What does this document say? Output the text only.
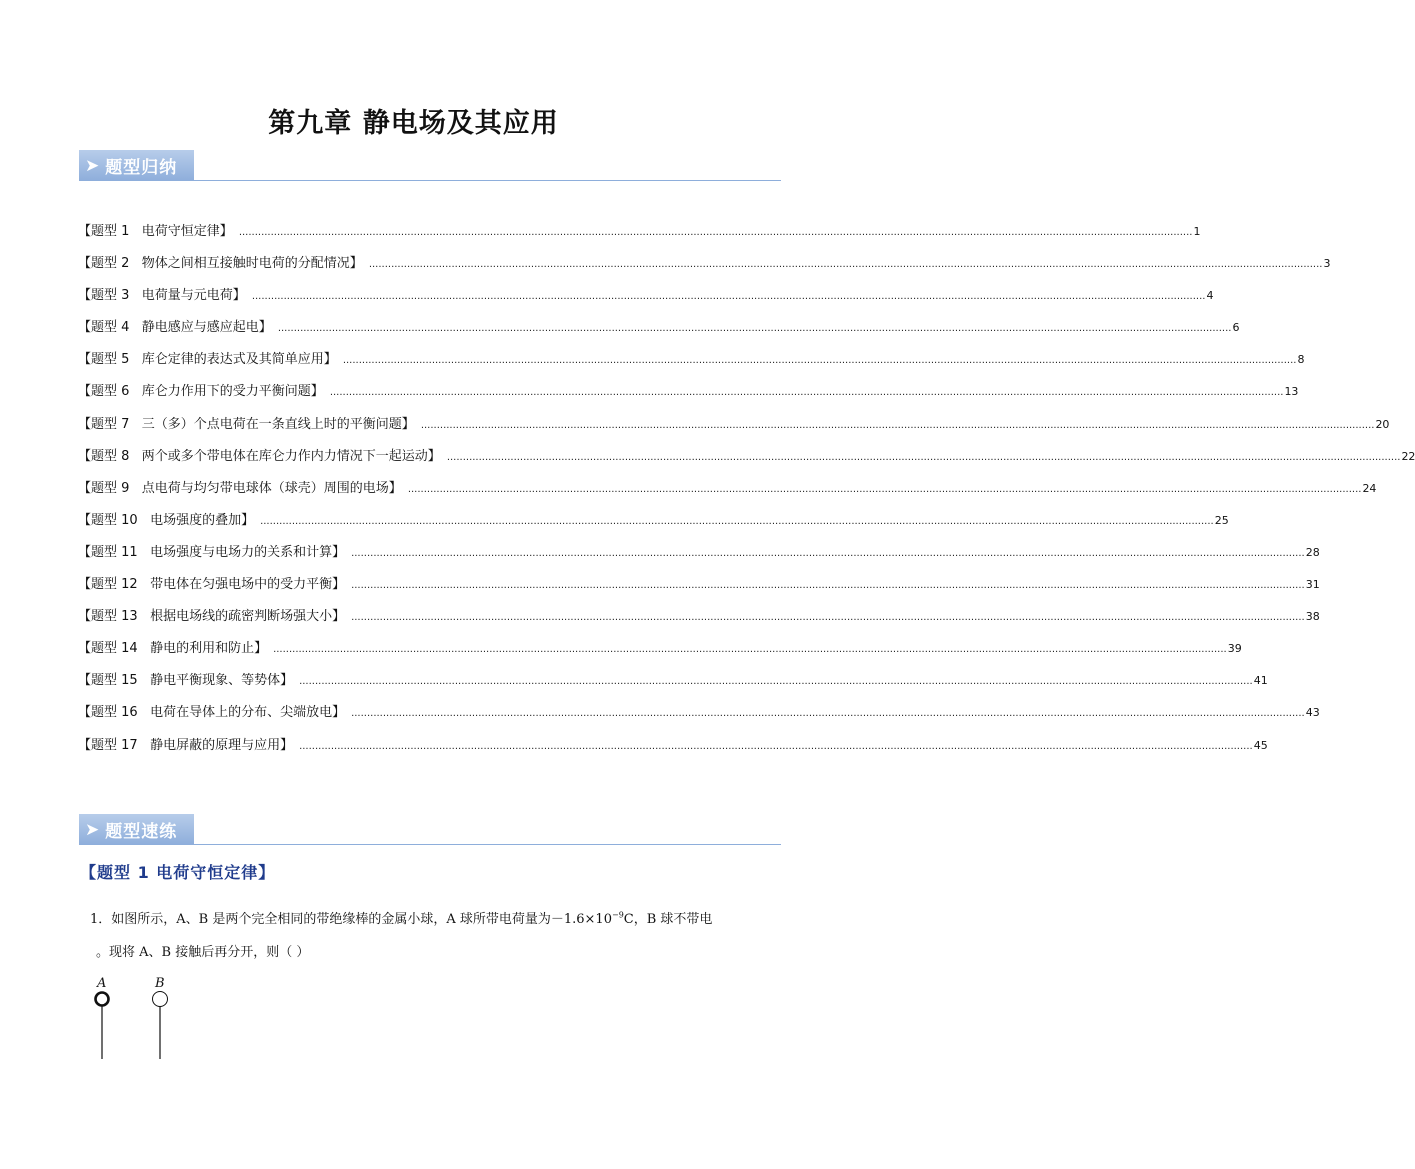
第九章 静电场及其应用
➤ 题型归纳
【题型 1   电荷守恒定律】 ............................................................................................................................................................................................................................................................................................................ 1
【题型 2   物体之间相互接触时电荷的分配情况】 ............................................................................................................................................................................................................................................................................................................ 3
【题型 3   电荷量与元电荷】 ............................................................................................................................................................................................................................................................................................................ 4
【题型 4   静电感应与感应起电】 ............................................................................................................................................................................................................................................................................................................ 6
【题型 5   库仑定律的表达式及其简单应用】 ............................................................................................................................................................................................................................................................................................................ 8
【题型 6   库仑力作用下的受力平衡问题】 ............................................................................................................................................................................................................................................................................................................ 13
【题型 7   三（多）个点电荷在一条直线上时的平衡问题】 ............................................................................................................................................................................................................................................................................................................ 20
【题型 8   两个或多个带电体在库仑力作内力情况下一起运动】 ............................................................................................................................................................................................................................................................................................................ 22
【题型 9   点电荷与均匀带电球体（球壳）周围的电场】 ............................................................................................................................................................................................................................................................................................................ 24
【题型 10   电场强度的叠加】 ............................................................................................................................................................................................................................................................................................................ 25
【题型 11   电场强度与电场力的关系和计算】 ............................................................................................................................................................................................................................................................................................................ 28
【题型 12   带电体在匀强电场中的受力平衡】 ............................................................................................................................................................................................................................................................................................................ 31
【题型 13   根据电场线的疏密判断场强大小】 ............................................................................................................................................................................................................................................................................................................ 38
【题型 14   静电的利用和防止】 ............................................................................................................................................................................................................................................................................................................ 39
【题型 15   静电平衡现象、等势体】 ............................................................................................................................................................................................................................................................................................................ 41
【题型 16   电荷在导体上的分布、尖端放电】 ............................................................................................................................................................................................................................................................................................................ 43
【题型 17   静电屏蔽的原理与应用】 ............................................................................................................................................................................................................................................................................................................ 45
➤ 题型速练
【题型 1 电荷守恒定律】
1．如图所示，A、B 是两个完全相同的带绝缘棒的金属小球，A 球所带电荷量为$-1.6\times 10^{-9}C$，B 球不带电
。现将 A、B 接触后再分开，则（ ）
A	B
